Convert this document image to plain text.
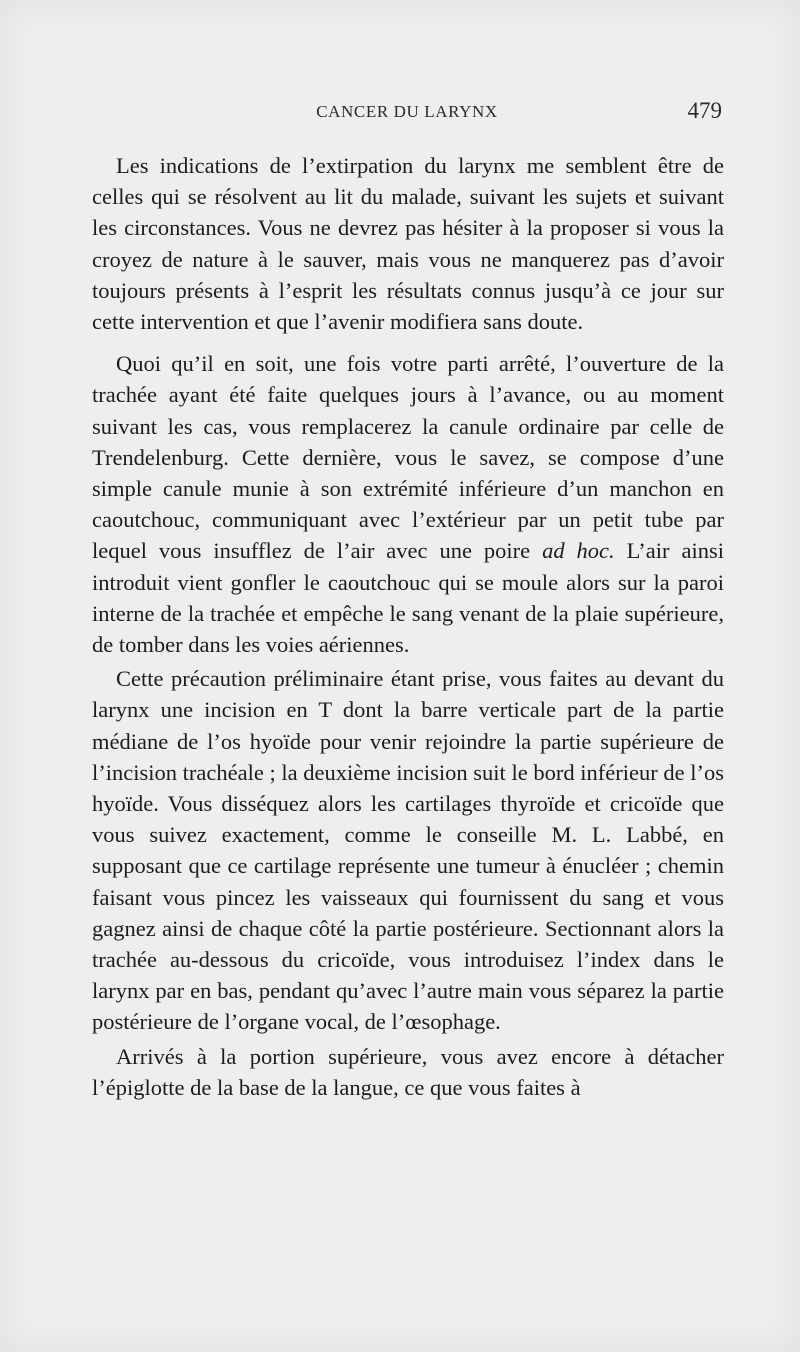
CANCER DU LARYNX	479

Les indications de l’extirpation du larynx me semblent être de celles qui se résolvent au lit du malade, suivant les sujets et suivant les circonstances. Vous ne devrez pas hésiter à la proposer si vous la croyez de nature à le sauver, mais vous ne manquerez pas d’avoir toujours présents à l’esprit les résultats connus jusqu’à ce jour sur cette intervention et que l’avenir modifiera sans doute.

Quoi qu’il en soit, une fois votre parti arrêté, l’ouverture de la trachée ayant été faite quelques jours à l’avance, ou au moment suivant les cas, vous remplacerez la canule ordinaire par celle de Trendelenburg. Cette dernière, vous le savez, se compose d’une simple canule munie à son extrémité inférieure d’un manchon en caoutchouc, communiquant avec l’extérieur par un petit tube par lequel vous insufflez de l’air avec une poire ad hoc. L’air ainsi introduit vient gonfler le caoutchouc qui se moule alors sur la paroi interne de la trachée et empêche le sang venant de la plaie supérieure, de tomber dans les voies aériennes.

Cette précaution préliminaire étant prise, vous faites au devant du larynx une incision en T dont la barre verticale part de la partie médiane de l’os hyoïde pour venir rejoindre la partie supérieure de l’incision trachéale ; la deuxième incision suit le bord inférieur de l’os hyoïde. Vous disséquez alors les cartilages thyroïde et cricoïde que vous suivez exactement, comme le conseille M. L. Labbé, en supposant que ce cartilage représente une tumeur à énucléer ; chemin faisant vous pincez les vaisseaux qui fournissent du sang et vous gagnez ainsi de chaque côté la partie postérieure. Sectionnant alors la trachée au-dessous du cricoïde, vous introduisez l’index dans le larynx par en bas, pendant qu’avec l’autre main vous séparez la partie postérieure de l’organe vocal, de l’œsophage.

Arrivés à la portion supérieure, vous avez encore à détacher l’épiglotte de la base de la langue, ce que vous faites à
